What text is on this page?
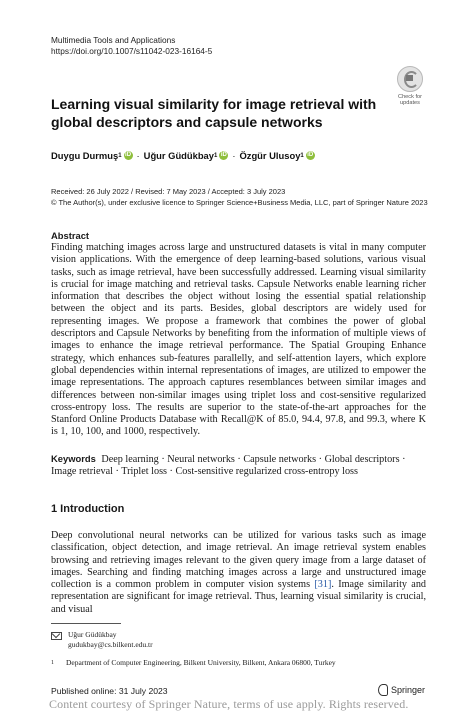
Multimedia Tools and Applications
https://doi.org/10.1007/s11042-023-16164-5
Check for
updates
Learning visual similarity for image retrieval with global descriptors and capsule networks
Duygu Durmuş 1 iD · Uğur Güdükbay 1 iD · Özgür Ulusoy 1 iD
Received: 26 July 2022 / Revised: 7 May 2023 / Accepted: 3 July 2023
© The Author(s), under exclusive licence to Springer Science+Business Media, LLC, part of Springer Nature 2023
Abstract
Finding matching images across large and unstructured datasets is vital in many computer vision applications. With the emergence of deep learning-based solutions, various visual tasks, such as image retrieval, have been successfully addressed. Learning visual similarity is crucial for image matching and retrieval tasks. Capsule Networks enable learning richer information that describes the object without losing the essential spatial relationship between the object and its parts. Besides, global descriptors are widely used for representing images. We propose a framework that combines the power of global descriptors and Capsule Networks by benefiting from the information of multiple views of images to enhance the image retrieval performance. The Spatial Grouping Enhance strategy, which enhances sub-features parallelly, and self-attention layers, which explore global dependencies within internal representations of images, are utilized to empower the image representations. The approach captures resemblances between similar images and differences between non-similar images using triplet loss and cost-sensitive regularized cross-entropy loss. The results are superior to the state-of-the-art approaches for the Stanford Online Products Database with Recall@K of 85.0, 94.4, 97.8, and 99.3, where K is 1, 10, 100, and 1000, respectively.
Keywords Deep learning · Neural networks · Capsule networks · Global descriptors · Image retrieval · Triplet loss · Cost-sensitive regularized cross-entropy loss
1 Introduction
Deep convolutional neural networks can be utilized for various tasks such as image classification, object detection, and image retrieval. An image retrieval system enables browsing and retrieving images relevant to the given query image from a large dataset of images. Searching and finding matching images across a large and unstructured image collection is a common problem in computer vision systems [31]. Image similarity and representation are significant for image retrieval. Thus, learning visual similarity is crucial, and visual
Uğur Güdükbay
gudukbay@cs.bilkent.edu.tr
1	Department of Computer Engineering, Bilkent University, Bilkent, Ankara 06800, Turkey
Published online: 31 July 2023	Springer
Content courtesy of Springer Nature, terms of use apply. Rights reserved.
